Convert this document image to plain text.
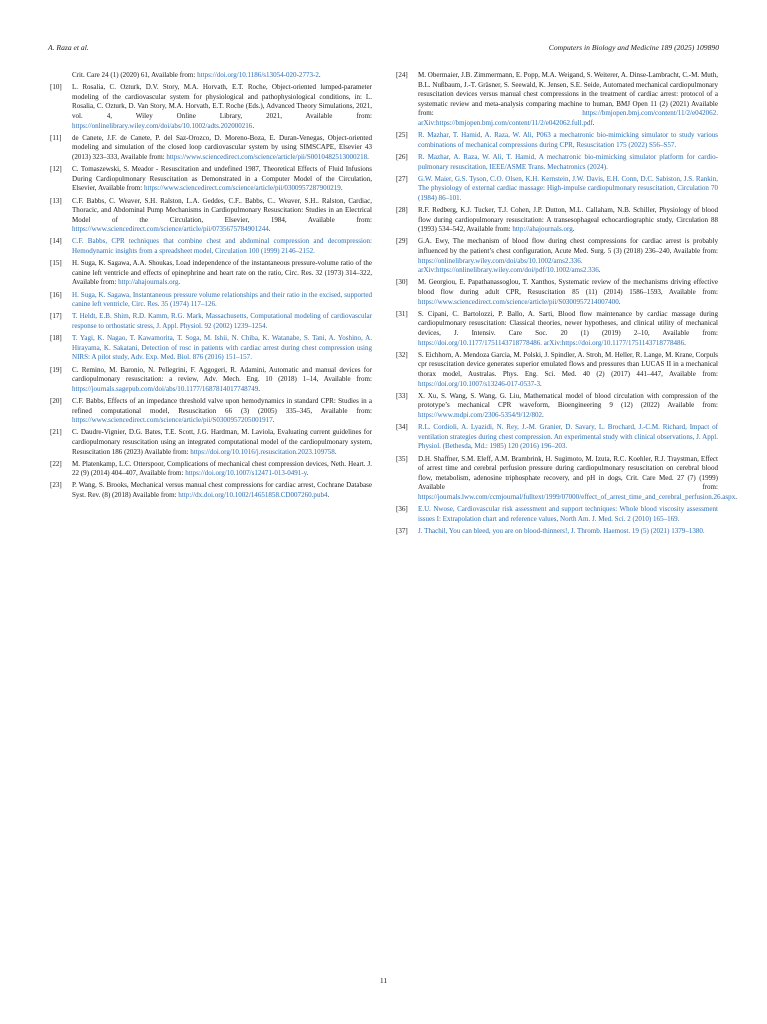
A. Raza et al.	Computers in Biology and Medicine 189 (2025) 109890
Crit. Care 24 (1) (2020) 61, Available from: https://doi.org/10.1186/s13054-020-2773-2.
[10] L. Rosalia, C. Ozturk, D.V. Story, M.A. Horvath, E.T. Roche, Object-oriented lumped-parameter modeling of the cardiovascular system for physiological and pathophysiological conditions, in: L. Rosalia, C. Ozturk, D. Van Story, M.A. Horvath, E.T. Roche (Eds.), Advanced Theory Simulations, 2021, vol. 4, Wiley Online Library, 2021, Available from: https://onlinelibrary.wiley.com/doi/abs/10.1002/adts.202000216.
[11] de Canete, J.F. de Canete, P. del Saz-Orozco, D. Moreno-Boza, E. Duran-Venegas, Object-oriented modeling and simulation of the closed loop cardiovascular system by using SIMSCAPE, Elsevier 43 (2013) 323–333, Available from: https://www.sciencedirect.com/science/article/pii/S0010482513000218.
[12] C. Tomaszewski, S. Meador - Resuscitation and undefined 1987, Theoretical Effects of Fluid Infusions During Cardiopulmonary Resuscitation as Demonstrated in a Computer Model of the Circulation, Elsevier, Available from: https://www.sciencedirect.com/science/article/pii/0300957287900219.
[13] C.F. Babbs, C. Weaver, S.H. Ralston, L.A. Geddes, C.F.. Babbs, C.. Weaver, S.H.. Ralston, Cardiac, Thoracic, and Abdominal Pump Mechanisms in Cardiopulmonary Resuscitation: Studies in an Electrical Model of the Circulation, Elsevier, 1984, Available from: https://www.sciencedirect.com/science/article/pii/0735675784901244.
[14] C.F. Babbs, CPR techniques that combine chest and abdominal compression and decompression: Hemodynamic insights from a spreadsheet model, Circulation 100 (1999) 2146–2152.
[15] H. Suga, K. Sagawa, A.A. Shoukas, Load independence of the instantaneous pressure-volume ratio of the canine left ventricle and effects of epinephrine and heart rate on the ratio, Circ. Res. 32 (1973) 314–322, Available from: http://ahajournals.org.
[16] H. Suga, K. Sagawa, Instantaneous pressure volume relationships and their ratio in the excised, supported canine left ventricle, Circ. Res. 35 (1974) 117–126.
[17] T. Heldt, E.B. Shim, R.D. Kamm, R.G. Mark, Massachusetts, Computational modeling of cardiovascular response to orthostatic stress, J. Appl. Physiol. 92 (2002) 1239–1254.
[18] T. Yagi, K. Nagao, T. Kawamorita, T. Soga, M. Ishii, N. Chiba, K. Watanabe, S. Tani, A. Yoshino, A. Hirayama, K. Sakatani, Detection of rosc in patients with cardiac arrest during chest compression using NIRS: A pilot study, Adv. Exp. Med. Biol. 876 (2016) 151–157.
[19] C. Remino, M. Baronio, N. Pellegrini, F. Aggogeri, R. Adamini, Automatic and manual devices for cardiopulmonary resuscitation: a review, Adv. Mech. Eng. 10 (2018) 1–14, Available from: https://journals.sagepub.com/doi/abs/10.1177/1687814017748749.
[20] C.F. Babbs, Effects of an impedance threshold valve upon hemodynamics in standard CPR: Studies in a refined computational model, Resuscitation 66 (3) (2005) 335–345, Available from: https://www.sciencedirect.com/science/article/pii/S0300957205001917.
[21] C. Daudre-Vignier, D.G. Bates, T.E. Scott, J.G. Hardman, M. Laviola, Evaluating current guidelines for cardiopulmonary resuscitation using an integrated computational model of the cardiopulmonary system, Resuscitation 186 (2023) Available from: https://doi.org/10.1016/j.resuscitation.2023.109758.
[22] M. Platenkamp, L.C. Otterspoor, Complications of mechanical chest compression devices, Neth. Heart. J. 22 (9) (2014) 404–407, Available from: https://doi.org/10.1007/s12471-013-0491-y.
[23] P. Wang, S. Brooks, Mechanical versus manual chest compressions for cardiac arrest, Cochrane Database Syst. Rev. (8) (2018) Available from: http://dx.doi.org/10.1002/14651858.CD007260.pub4.
[24] M. Obermaier, J.B. Zimmermann, E. Popp, M.A. Weigand, S. Weiterer, A. Dinse-Lambracht, C.-M. Muth, B.L. Nußbaum, J.-T. Gräsner, S. Seewald, K. Jensen, S.E. Seide, Automated mechanical cardiopulmonary resuscitation devices versus manual chest compressions in the treatment of cardiac arrest: protocol of a systematic review and meta-analysis comparing machine to human, BMJ Open 11 (2) (2021) Available from: https://bmjopen.bmj.com/content/11/2/e042062. arXiv:https://bmjopen.bmj.com/content/11/2/e042062.full.pdf.
[25] R. Mazhar, T. Hamid, A. Raza, W. Ali, P063 a mechatronic bio-mimicking simulator to study various combinations of mechanical compressions during CPR, Resuscitation 175 (2022) S56–S57.
[26] R. Mazhar, A. Raza, W. Ali, T. Hamid, A mechatronic bio-mimicking simulator platform for cardio-pulmonary resuscitation, IEEE/ASME Trans. Mechatronics (2024).
[27] G.W. Maier, G.S. Tyson, C.O. Olsen, K.H. Kernstein, J.W. Davis, E.H. Conn, D.C. Sabiston, J.S. Rankin, The physiology of external cardiac massage: High-impulse cardiopulmonary resuscitation, Circulation 70 (1984) 86–101.
[28] R.F. Redberg, K.J. Tucker, T.J. Cohen, J.P. Dutton, M.L. Callaham, N.B. Schiller, Physiology of blood flow during cardiopulmonary resuscitation: A transesophageal echocardiographic study, Circulation 88 (1993) 534–542, Available from: http://ahajournals.org.
[29] G.A. Ewy, The mechanism of blood flow during chest compressions for cardiac arrest is probably influenced by the patient’s chest configuration, Acute Med. Surg. 5 (3) (2018) 236–240, Available from: https://onlinelibrary.wiley.com/doi/abs/10.1002/ams2.336. arXiv:https://onlinelibrary.wiley.com/doi/pdf/10.1002/ams2.336.
[30] M. Georgiou, E. Papathanassoglou, T. Xanthos, Systematic review of the mechanisms driving effective blood flow during adult CPR, Resuscitation 85 (11) (2014) 1586–1593, Available from: https://www.sciencedirect.com/science/article/pii/S0300957214007400.
[31] S. Cipani, C. Bartolozzi, P. Ballo, A. Sarti, Blood flow maintenance by cardiac massage during cardiopulmonary resuscitation: Classical theories, newer hypotheses, and clinical utility of mechanical devices, J. Intensiv. Care Soc. 20 (1) (2019) 2–10, Available from: https://doi.org/10.1177/1751143718778486. arXiv:https://doi.org/10.1177/1751143718778486.
[32] S. Eichhorn, A. Mendoza Garcia, M. Polski, J. Spindler, A. Stroh, M. Heller, R. Lange, M. Krane, Corpuls cpr resuscitation device generates superior emulated flows and pressures than LUCAS II in a mechanical thorax model, Australas. Phys. Eng. Sci. Med. 40 (2) (2017) 441–447, Available from: https://doi.org/10.1007/s13246-017-0537-3.
[33] X. Xu, S. Wang, S. Wang, G. Liu, Mathematical model of blood circulation with compression of the prototype’s mechanical CPR waveform, Bioengineering 9 (12) (2022) Available from: https://www.mdpi.com/2306-5354/9/12/802.
[34] R.L. Cordioli, A. Lyazidi, N. Rey, J.-M. Granier, D. Savary, L. Brochard, J.-C.M. Richard, Impact of ventilation strategies during chest compression. An experimental study with clinical observations, J. Appl. Physiol. (Bethesda, Md.: 1985) 120 (2016) 196–203.
[35] D.H. Shaffner, S.M. Eleff, A.M. Brambrink, H. Sugimoto, M. Izuta, R.C. Koehler, R.J. Traystman, Effect of arrest time and cerebral perfusion pressure during cardiopulmonary resuscitation on cerebral blood flow, metabolism, adenosine triphosphate recovery, and pH in dogs, Crit. Care Med. 27 (7) (1999) Available from: https://journals.lww.com/ccmjournal/fulltext/1999/07000/effect_of_arrest_time_and_cerebral_perfusion.26.aspx.
[36] E.U. Nwose, Cardiovascular risk assessment and support techniques: Whole blood viscosity assessment issues I: Extrapolation chart and reference values, North Am. J. Med. Sci. 2 (2010) 165–169.
[37] J. Thachil, You can bleed, you are on blood-thinners!, J. Thromb. Haemost. 19 (5) (2021) 1379–1380.
11
